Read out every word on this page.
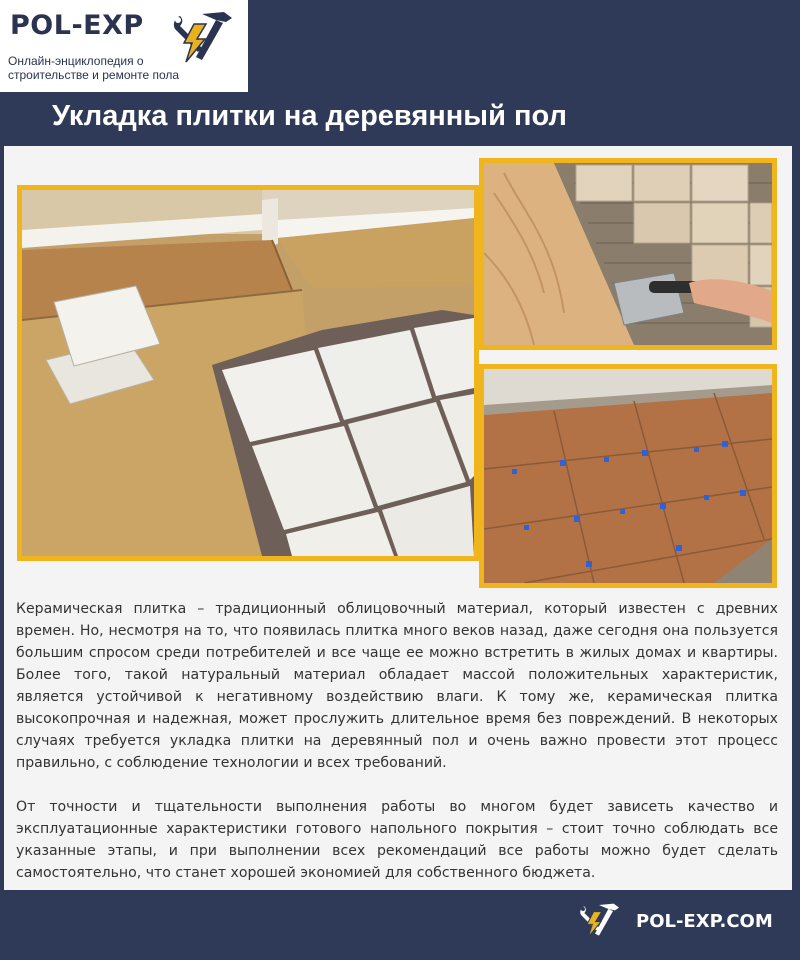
POL-EXP
Онлайн-энциклопедия о
строительстве и ремонте пола
Укладка плитки на деревянный пол

Керамическая плитка – традиционный облицовочный материал, который известен с древних времен. Но, несмотря на то, что появилась плитка много веков назад, даже сегодня она пользуется большим спросом среди потребителей и все чаще ее можно встретить в жилых домах и квартиры. Более того, такой натуральный материал обладает массой положительных характеристик, является устойчивой к негативному воздействию влаги. К тому же, керамическая плитка высокопрочная и надежная, может прослужить длительное время без повреждений. В некоторых случаях требуется укладка плитки на деревянный пол и очень важно провести этот процесс правильно, с соблюдение технологии и всех требований.

От точности и тщательности выполнения работы во многом будет зависеть качество и эксплуатационные характеристики готового напольного покрытия – стоит точно соблюдать все указанные этапы, и при выполнении всех рекомендаций все работы можно будет сделать самостоятельно, что станет хорошей экономией для собственного бюджета.

POL-EXP.COM
